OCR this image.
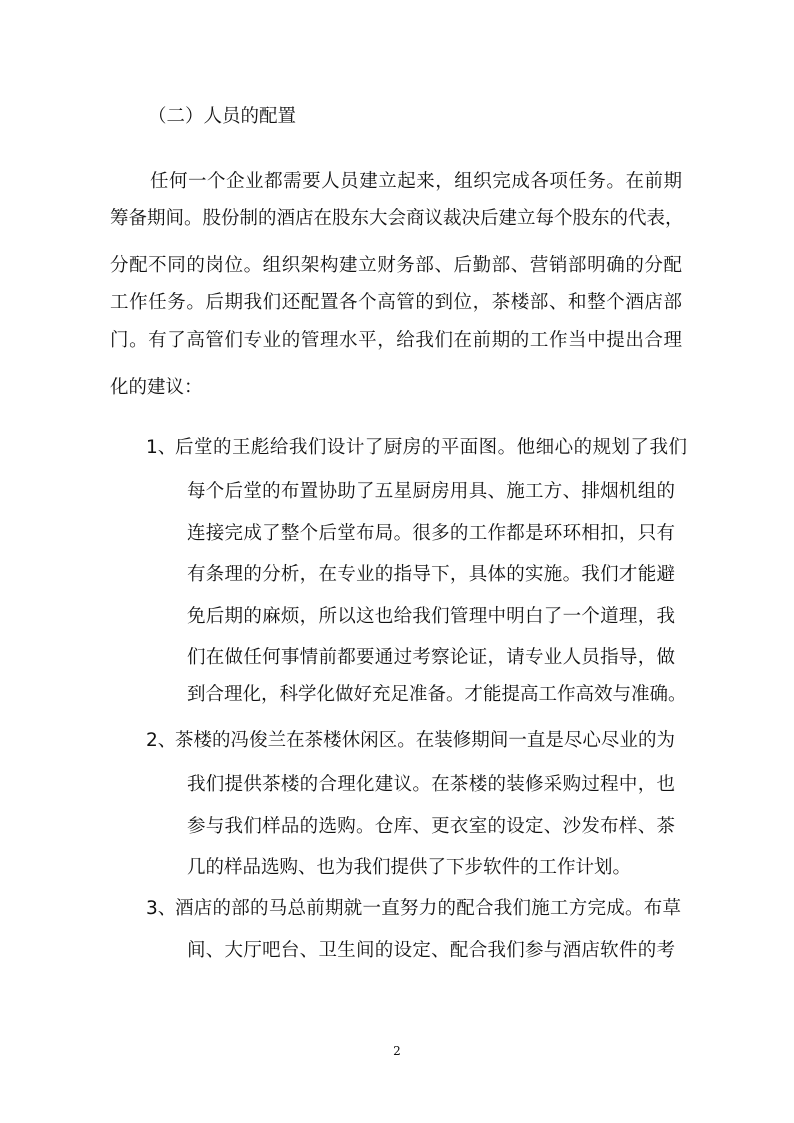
（二）人员的配置
任何一个企业都需要人员建立起来，组织完成各项任务。在前期
筹备期间。股份制的酒店在股东大会商议裁决后建立每个股东的代表，
分配不同的岗位。组织架构建立财务部、后勤部、营销部明确的分配
工作任务。后期我们还配置各个高管的到位，茶楼部、和整个酒店部
门。有了高管们专业的管理水平，给我们在前期的工作当中提出合理
化的建议：
1、
后堂的王彪给我们设计了厨房的平面图。他细心的规划了我们
每个后堂的布置协助了五星厨房用具、施工方、排烟机组的
连接完成了整个后堂布局。很多的工作都是环环相扣，只有
有条理的分析，在专业的指导下，具体的实施。我们才能避
免后期的麻烦，所以这也给我们管理中明白了一个道理，我
们在做任何事情前都要通过考察论证，请专业人员指导，做
到合理化，科学化做好充足准备。才能提高工作高效与准确。
2、
茶楼的冯俊兰在茶楼休闲区。在装修期间一直是尽心尽业的为
我们提供茶楼的合理化建议。在茶楼的装修采购过程中，也
参与我们样品的选购。仓库、更衣室的设定、沙发布样、茶
几的样品选购、也为我们提供了下步软件的工作计划。
3、
酒店的部的马总前期就一直努力的配合我们施工方完成。布草
间、大厅吧台、卫生间的设定、配合我们参与酒店软件的考
2
